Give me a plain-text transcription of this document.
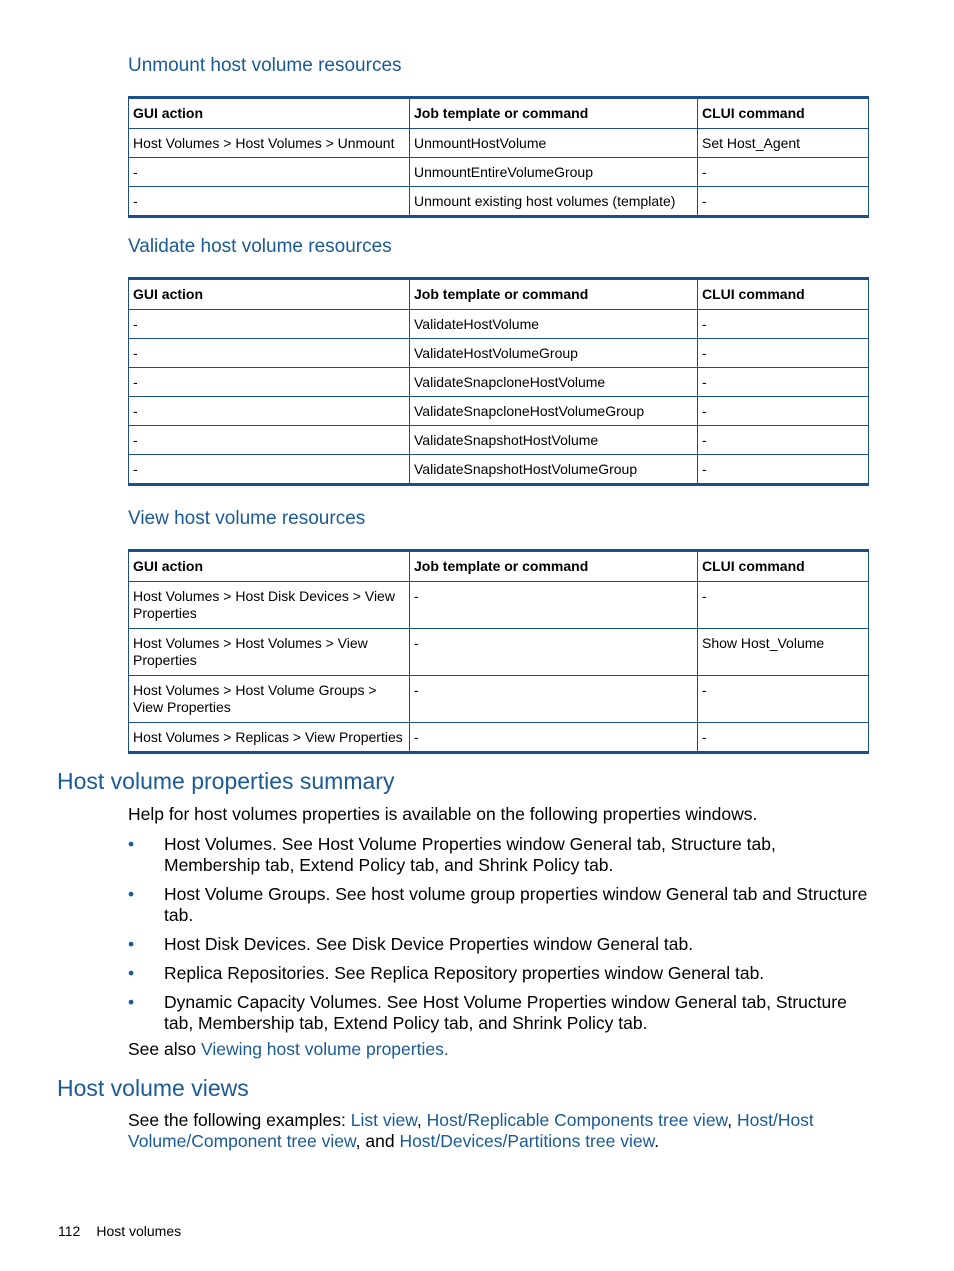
Unmount host volume resources
GUI action	Job template or command	CLUI command
Host Volumes > Host Volumes > Unmount	UnmountHostVolume	Set Host_Agent
-	UnmountEntireVolumeGroup	-
-	Unmount existing host volumes (template)	-
Validate host volume resources
GUI action	Job template or command	CLUI command
-	ValidateHostVolume	-
-	ValidateHostVolumeGroup	-
-	ValidateSnapcloneHostVolume	-
-	ValidateSnapcloneHostVolumeGroup	-
-	ValidateSnapshotHostVolume	-
-	ValidateSnapshotHostVolumeGroup	-
View host volume resources
GUI action	Job template or command	CLUI command
Host Volumes > Host Disk Devices > View Properties	-	-
Host Volumes > Host Volumes > View Properties	-	Show Host_Volume
Host Volumes > Host Volume Groups > View Properties	-	-
Host Volumes > Replicas > View Properties	-	-
Host volume properties summary

Help for host volumes properties is available on the following properties windows.

• Host Volumes. See Host Volume Properties window General tab, Structure tab, Membership tab, Extend Policy tab, and Shrink Policy tab.
• Host Volume Groups. See host volume group properties window General tab and Structure tab.
• Host Disk Devices. See Disk Device Properties window General tab.
• Replica Repositories. See Replica Repository properties window General tab.
• Dynamic Capacity Volumes. See Host Volume Properties window General tab, Structure tab, Membership tab, Extend Policy tab, and Shrink Policy tab.

See also Viewing host volume properties.

Host volume views

See the following examples: List view, Host/Replicable Components tree view, Host/Host Volume/Component tree view, and Host/Devices/Partitions tree view.

112 Host volumes
